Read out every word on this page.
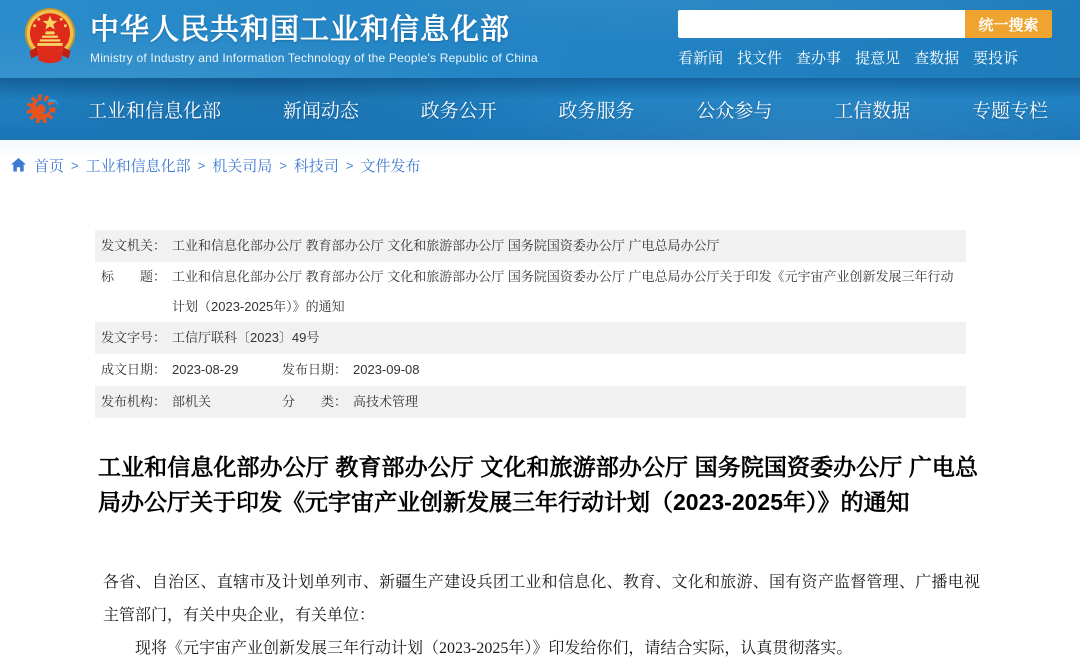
中华人民共和国工业和信息化部
Ministry of Industry and Information Technology of the People's Republic of China
统一搜索
看新闻 找文件 查办事 提意见 查数据 要投诉
工业和信息化部	新闻动态	政务公开	政务服务	公众参与	工信数据	专题专栏
首页 > 工业和信息化部 > 机关司局 > 科技司 > 文件发布
发文机关： 工业和信息化部办公厅 教育部办公厅 文化和旅游部办公厅 国务院国资委办公厅 广电总局办公厅
标　　题： 工业和信息化部办公厅 教育部办公厅 文化和旅游部办公厅 国务院国资委办公厅 广电总局办公厅关于印发《元宇宙产业创新发展三年行动计划（2023-2025年）》的通知
发文字号： 工信厅联科〔2023〕49号
成文日期： 2023-08-29	发布日期： 2023-09-08
发布机构： 部机关	分　　类： 高技术管理
工业和信息化部办公厅 教育部办公厅 文化和旅游部办公厅 国务院国资委办公厅 广电总局办公厅关于印发《元宇宙产业创新发展三年行动计划（2023-2025年）》的通知

各省、自治区、直辖市及计划单列市、新疆生产建设兵团工业和信息化、教育、文化和旅游、国有资产监督管理、广播电视主管部门，有关中央企业，有关单位：

现将《元宇宙产业创新发展三年行动计划（2023-2025年）》印发给你们，请结合实际，认真贯彻落实。
